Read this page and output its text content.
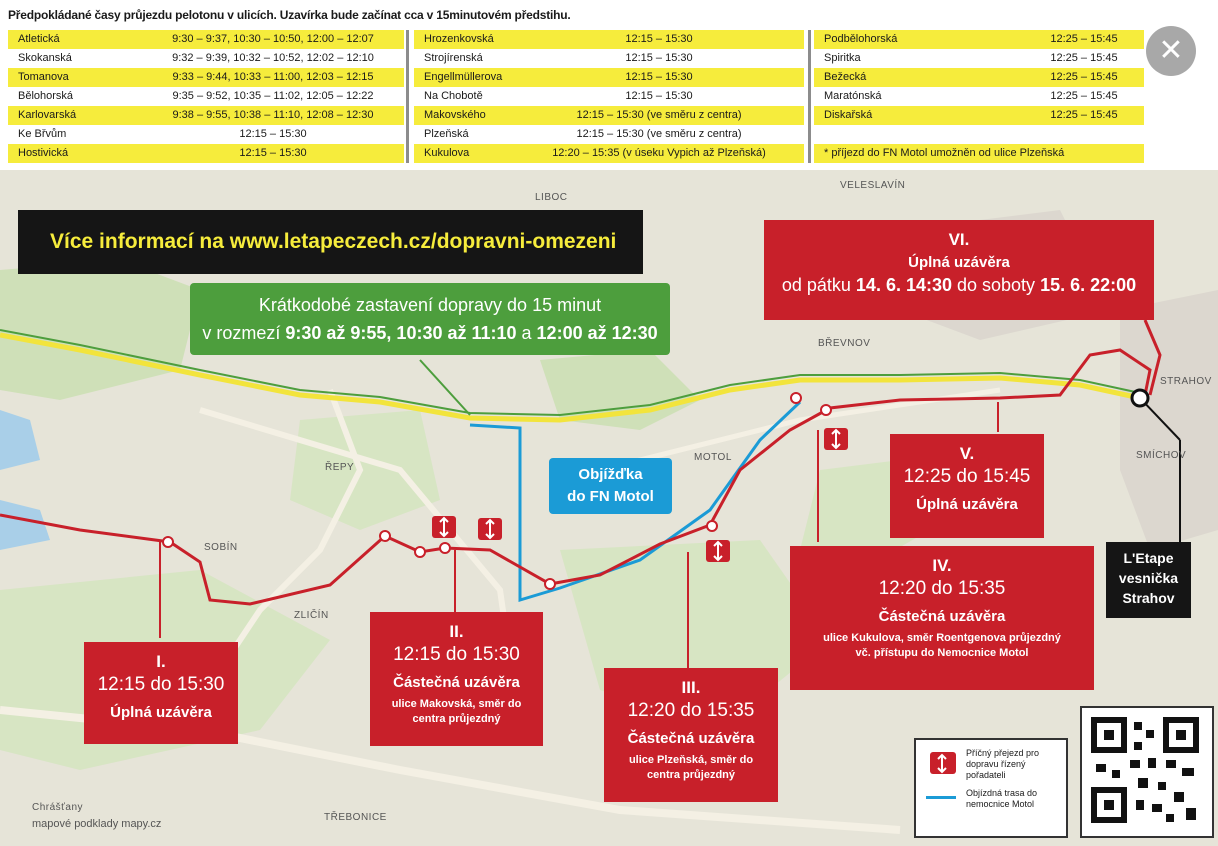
Předpokládané časy průjezdu pelotonu v ulicích. Uzavírka bude začínat cca v 15minutovém předstihu.
Atletická	9:30 – 9:37, 10:30 – 10:50, 12:00 – 12:07
Skokanská	9:32 – 9:39, 10:32 – 10:52, 12:02 – 12:10
Tomanova	9:33 – 9:44, 10:33 – 11:00, 12:03 – 12:15
Bělohorská	9:35 – 9:52, 10:35 – 11:02, 12:05 – 12:22
Karlovarská	9:38 – 9:55, 10:38 – 11:10, 12:08 – 12:30
Ke Břvům	12:15 – 15:30
Hostivická	12:15 – 15:30
Hrozenkovská	12:15 – 15:30
Strojírenská	12:15 – 15:30
Engellmüllerova	12:15 – 15:30
Na Chobotě	12:15 – 15:30
Makovského	12:15 – 15:30 (ve směru z centra)
Plzeňská	12:15 – 15:30 (ve směru z centra)
Kukulova	12:20 – 15:35 (v úseku Vypich až Plzeňská)
Podbělohorská	12:25 – 15:45
Spiritka	12:25 – 15:45
Bežecká	12:25 – 15:45
Maratónská	12:25 – 15:45
Diskařská	12:25 – 15:45
* příjezd do FN Motol umožněn od ulice Plzeňská
✕
LIBOC
VELESLAVÍN
ŘEPY
MOTOL
BŘEVNOV
SMÍCHOV
SOBÍN
ZLIČÍN
TŘEBONICE
STRAHOV
Chrášťany
Více informací na www.letapeczech.cz/dopravni-omezeni
Krátkodobé zastavení dopravy do 15 minut
v rozmezí 9:30 až 9:55, 10:30 až 11:10 a 12:00 až 12:30
Objížďka
do FN Motol
L'Etape
vesnička
Strahov
I.
12:15 do 15:30
Úplná uzávěra
II.
12:15 do 15:30
Částečná uzávěra
ulice Makovská, směr do centra průjezdný
III.
12:20 do 15:35
Částečná uzávěra
ulice Plzeňská, směr do centra průjezdný
IV.
12:20 do 15:35
Částečná uzávěra
ulice Kukulova, směr Roentgenova průjezdný vč. přístupu do Nemocnice Motol
V.
12:25 do 15:45
Úplná uzávěra
VI.
Úplná uzávěra
od pátku 14. 6. 14:30 do soboty 15. 6. 22:00
Příčný přejezd pro dopravu řízený pořadateli
Objízdná trasa do nemocnice Motol
mapové podklady mapy.cz
